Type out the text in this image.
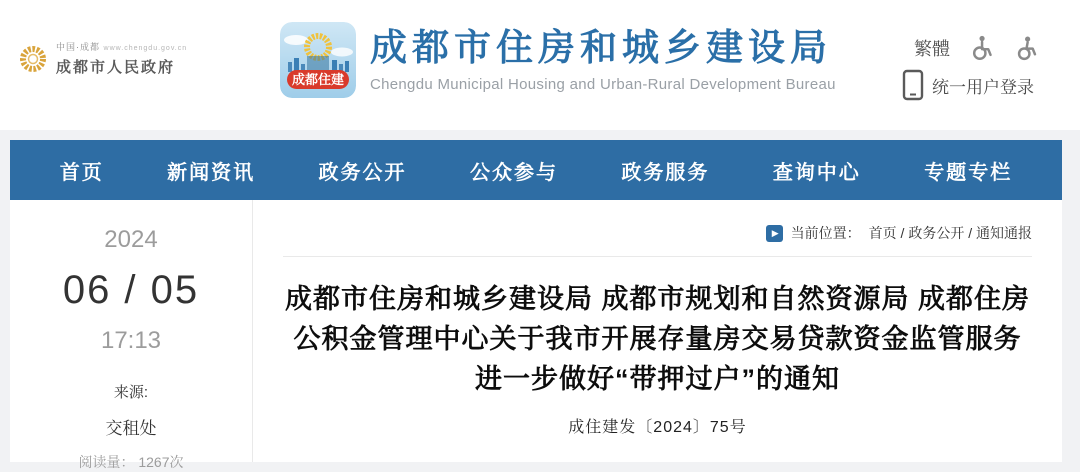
中国·成都 www.chengdu.gov.cn
成都市人民政府
成都住建
成都市住房和城乡建设局
Chengdu Municipal Housing and Urban-Rural Development Bureau
繁體
统一用户登录
首页	新闻资讯	政务公开	公众参与	政务服务	查询中心	专题专栏
2024
06 / 05
17:13
来源:
交租处
阅读量： 1267次
▶ 当前位置： 首页 / 政务公开 / 通知通报
成都市住房和城乡建设局 成都市规划和自然资源局 成都住房
公积金管理中心关于我市开展存量房交易贷款资金监管服务
进一步做好“带押过户”的通知
成住建发〔2024〕75号
